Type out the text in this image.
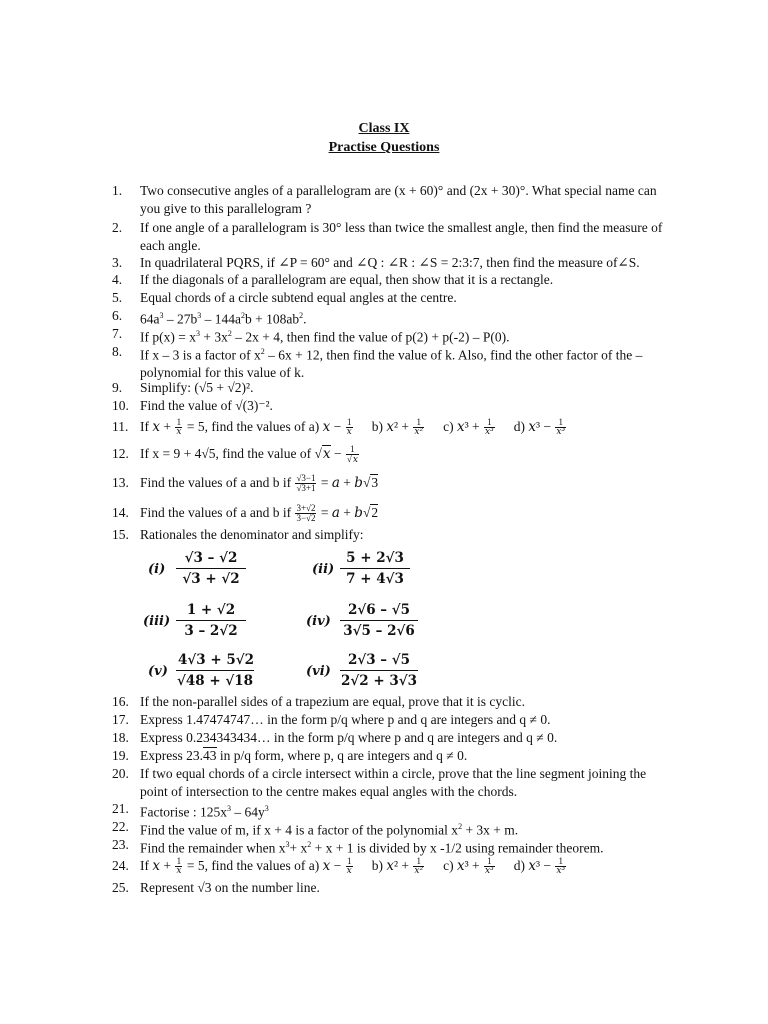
Class IX
Practise Questions
1.	Two consecutive angles of a parallelogram are (x + 60)° and (2x + 30)°. What special name can
you give to this parallelogram ?
2.	If one angle of a parallelogram is 30° less than twice the smallest angle, then find the measure of
each angle.
3.	In quadrilateral PQRS, if ∠P = 60° and ∠Q : ∠R : ∠S = 2:3:7, then find the measure of∠S.
4.	If the diagonals of a parallelogram are equal, then show that it is a rectangle.
5.	Equal chords of a circle subtend equal angles at the centre.
6.	$64a^3 - 27b^3 - 144a^2b + 108ab^2$.
7.	If $p(x) = x^3 + 3x^2 - 2x + 4$, then find the value of p(2) + p(-2) – P(0).
8.	If x – 3 is a factor of $x^2 - 6x + 12$, then find the value of k. Also, find the other factor of the –
polynomial for this value of k.
9.	Simplify: (√5 + √2)².
10. Find the value of √(3)⁻².
11. If $x + \frac{1}{x} = 5$, find the values of a) $x - \frac{1}{x} b$) $x^2 + \frac{1}{\text{x²}} c$) $x^3 + \frac{1}{\text{x³}} d$) $x^3 - \frac{1}{\text{x³}}$
12. If x = 9 + 4√5, find the value of $√x - \frac{1}{√x}$
13. Find the values of a and b if $\frac{√3-1}{√3+1} = a + b√3$
14. Find the values of a and b if $\frac{3+√2}{3-√2} = a + b√2$
15. Rationales the denominator and simplify:
$(i) \frac{√3 - √2}{√3 + √2}$	$(ii) \frac{5 + 2√3}{7 + 4√3}$
$(iii) \frac{1 + √2}{3 - 2√2}$	$(iv) \frac{2√6 - √5}{3√5 - 2√6}$
$(v) \frac{4√3 + 5√2}{√48 + √18}$	$(vi) \frac{2√3 - √5}{2√2 + 3√3}$
16. If the non-parallel sides of a trapezium are equal, prove that it is cyclic.
17. Express 1.47474747… in the form p/q where p and q are integers and q ≠ 0.
18. Express 0.234343434… in the form p/q where p and q are integers and q ≠ 0.
19. Express 23.43 in p/q form, where p, q are integers and q ≠ 0.
20. If two equal chords of a circle intersect within a circle, prove that the line segment joining the
point of intersection to the centre makes equal angles with the chords.
21. Factorise : $125x^3 - 64y^3$
22. Find the value of m, if x + 4 is a factor of the polynomial $x^2 + 3x + m$.
23. Find the remainder when $x^3+ x^2 + x + 1$ is divided by x -1/2 using remainder theorem.
24. If $x + \frac{1}{x} = 5$, find the values of a) $x - \frac{1}{x} b$) $x^2 + \frac{1}{\text{x²}} c$) $x^3 + \frac{1}{\text{x³}} d$) $x^3 - \frac{1}{\text{x³}}$
25. Represent √3 on the number line.
